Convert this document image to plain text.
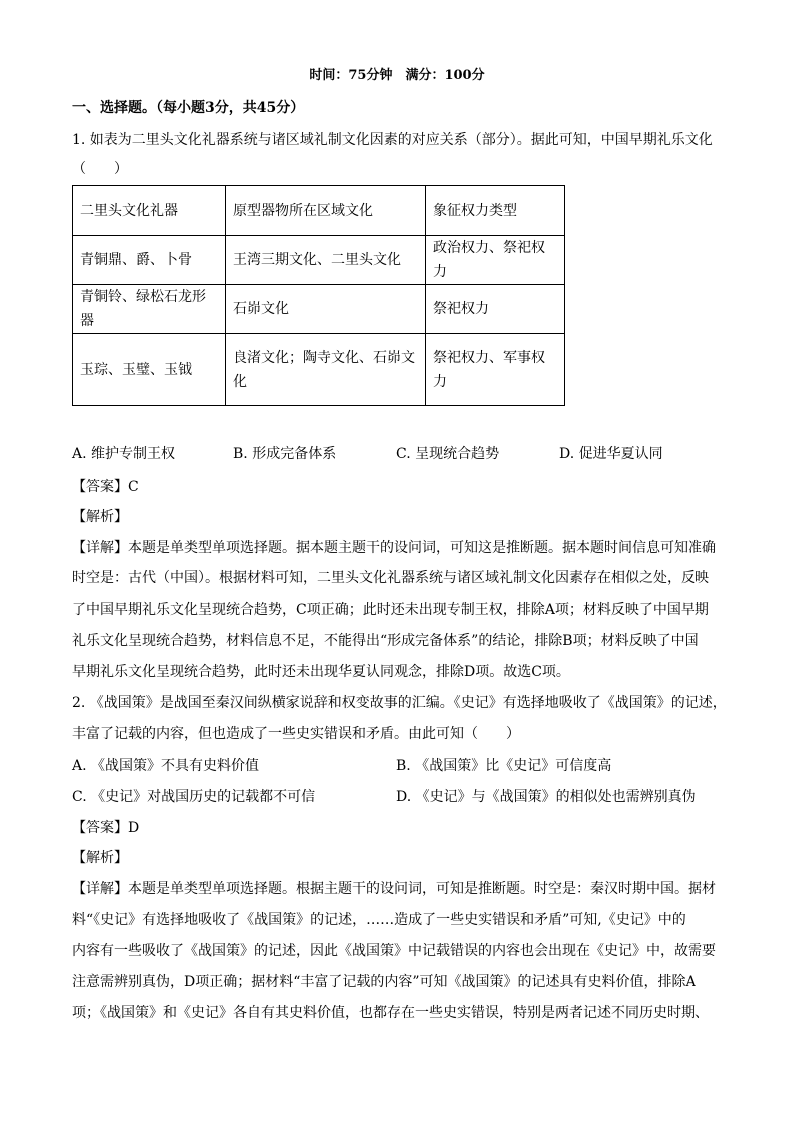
时间：75分钟　满分：100分
一、选择题。（每小题3分，共45分）
1. 如表为二里头文化礼器系统与诸区域礼制文化因素的对应关系（部分）。据此可知，中国早期礼乐文化
（　　）
二里头文化礼器	原型器物所在区域文化	象征权力类型
青铜鼎、爵、卜骨	王湾三期文化、二里头文化	政治权力、祭祀权力
青铜铃、绿松石龙形器	石峁文化	祭祀权力
玉琮、玉璧、玉钺	良渚文化；陶寺文化、石峁文
化	祭祀权力、军事权力
A. 维护专制王权	B. 形成完备体系	C. 呈现统合趋势	D. 促进华夏认同
【答案】C
【解析】
【详解】本题是单类型单项选择题。据本题主题干的设问词，可知这是推断题。据本题时间信息可知准确
时空是：古代（中国）。根据材料可知，二里头文化礼器系统与诸区域礼制文化因素存在相似之处，反映
了中国早期礼乐文化呈现统合趋势，C项正确；此时还未出现专制王权，排除A项；材料反映了中国早期
礼乐文化呈现统合趋势，材料信息不足，不能得出“形成完备体系”的结论，排除B项；材料反映了中国
早期礼乐文化呈现统合趋势，此时还未出现华夏认同观念，排除D项。故选C项。
2. 《战国策》是战国至秦汉间纵横家说辞和权变故事的汇编。《史记》有选择地吸收了《战国策》的记述，
丰富了记载的内容，但也造成了一些史实错误和矛盾。由此可知（　　）
A. 《战国策》不具有史料价值	B. 《战国策》比《史记》可信度高
C. 《史记》对战国历史的记载都不可信	D. 《史记》与《战国策》的相似处也需辨别真伪
【答案】D
【解析】
【详解】本题是单类型单项选择题。根据主题干的设问词，可知是推断题。时空是：秦汉时期中国。据材
料“《史记》有选择地吸收了《战国策》的记述，……造成了一些史实错误和矛盾”可知,《史记》中的
内容有一些吸收了《战国策》的记述，因此《战国策》中记载错误的内容也会出现在《史记》中，故需要
注意需辨别真伪，D项正确；据材料“丰富了记载的内容”可知《战国策》的记述具有史料价值，排除A
项；《战国策》和《史记》各自有其史料价值，也都存在一些史实错误，特别是两者记述不同历史时期、
